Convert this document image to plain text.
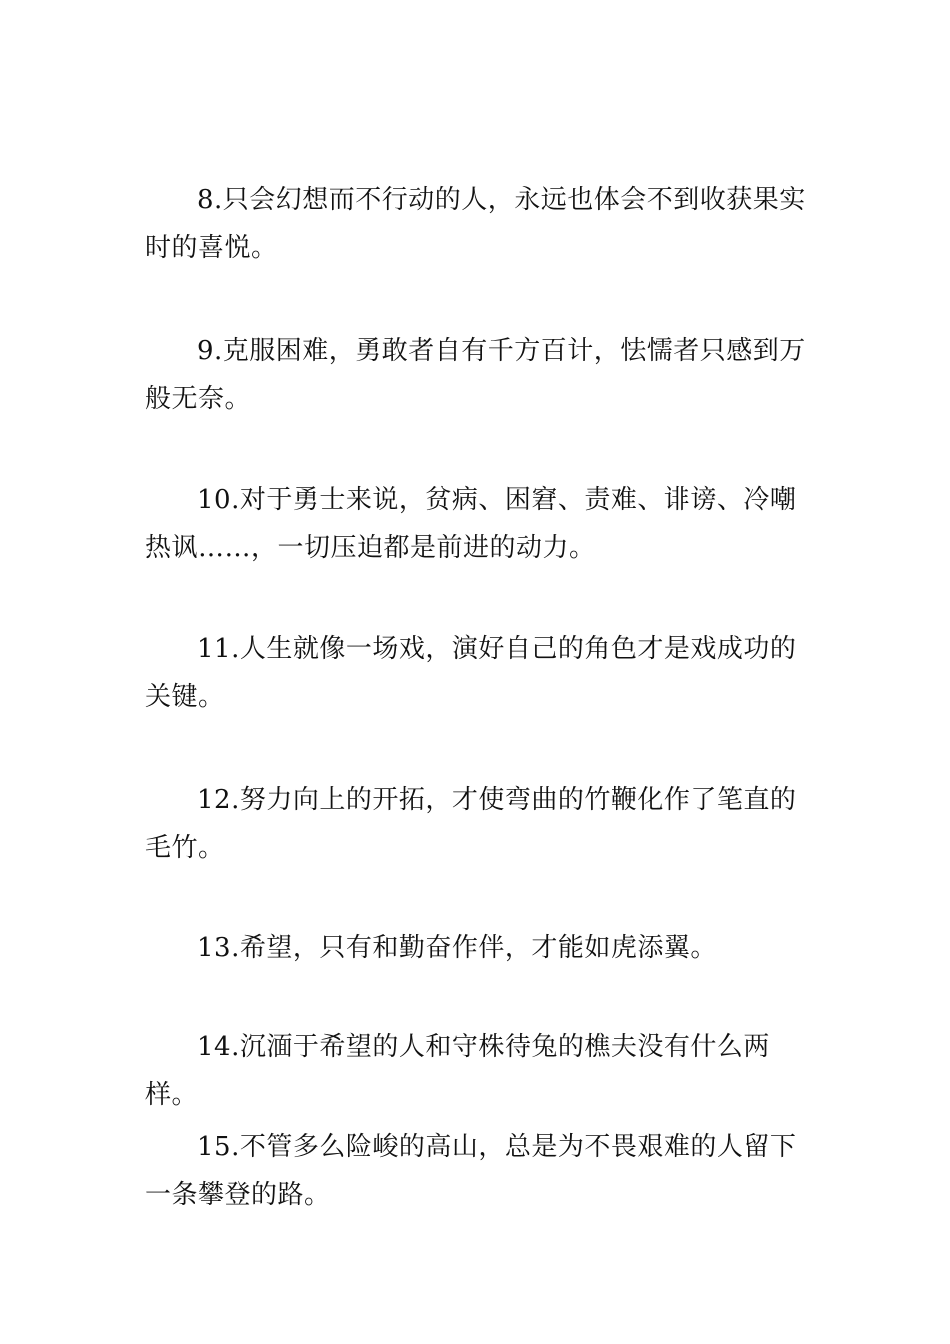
8.只会幻想而不行动的人，永远也体会不到收获果实时的喜悦。

9.克服困难，勇敢者自有千方百计，怯懦者只感到万般无奈。

10.对于勇士来说，贫病、困窘、责难、诽谤、冷嘲热讽……，一切压迫都是前进的动力。

11.人生就像一场戏，演好自己的角色才是戏成功的关键。

12.努力向上的开拓，才使弯曲的竹鞭化作了笔直的毛竹。

13.希望，只有和勤奋作伴，才能如虎添翼。

14.沉湎于希望的人和守株待兔的樵夫没有什么两样。

15.不管多么险峻的高山，总是为不畏艰难的人留下一条攀登的路。
